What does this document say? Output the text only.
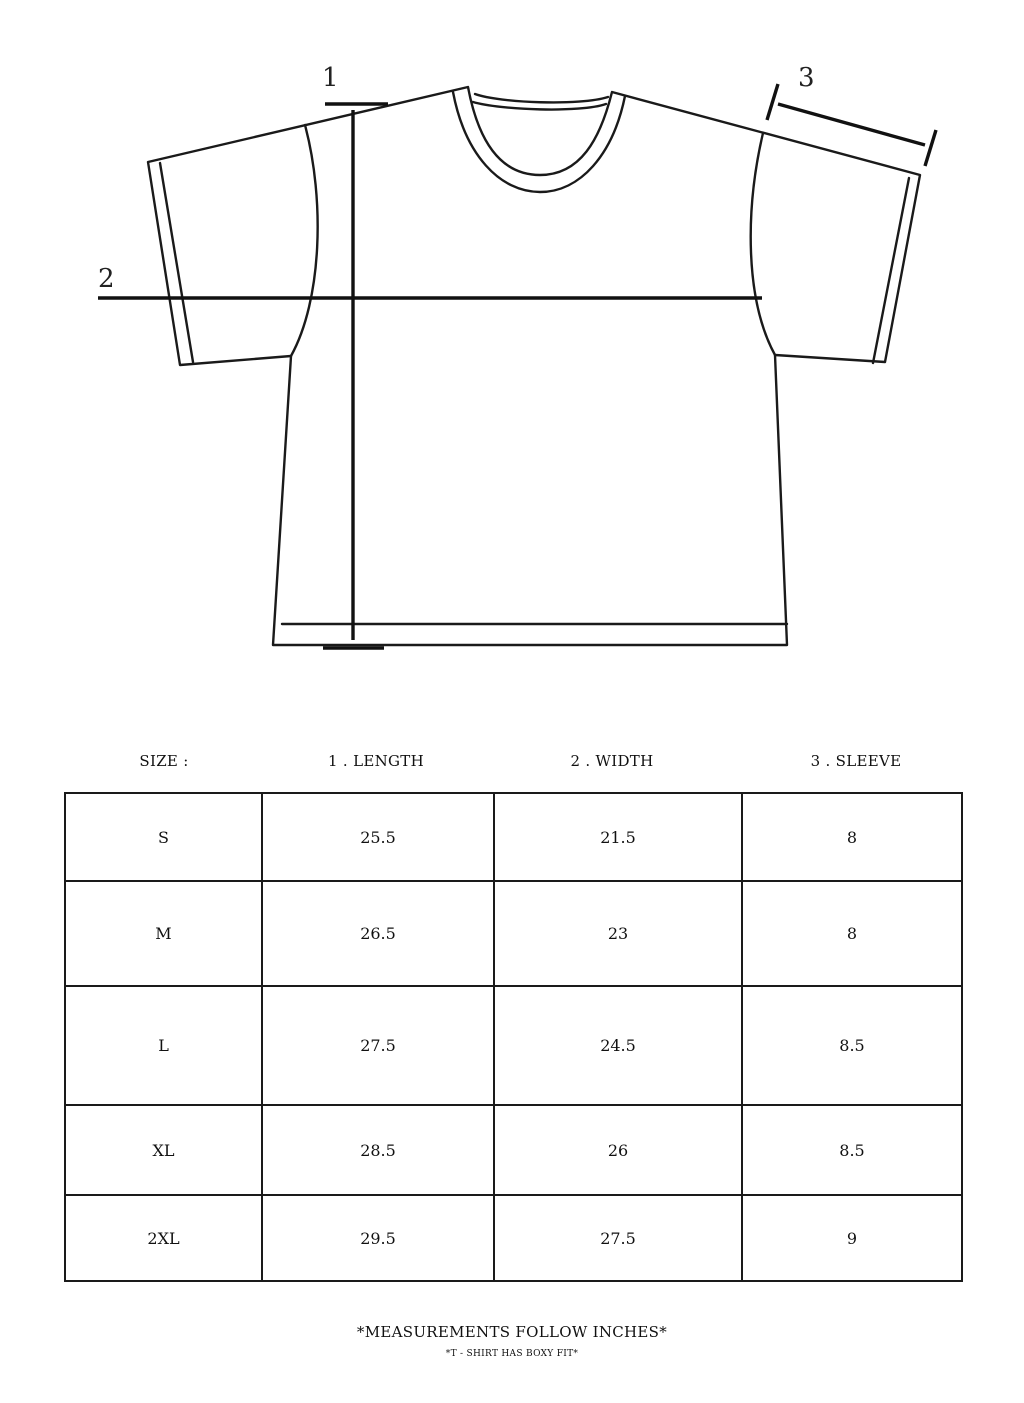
1
2
3
SIZE :	1 . LENGTH	2 . WIDTH	3 . SLEEVE
S	25.5	21.5	8
M	26.5	23	8
L	27.5	24.5	8.5
XL	28.5	26	8.5
2XL	29.5	27.5	9
*MEASUREMENTS FOLLOW INCHES*
*T - SHIRT HAS BOXY FIT*
